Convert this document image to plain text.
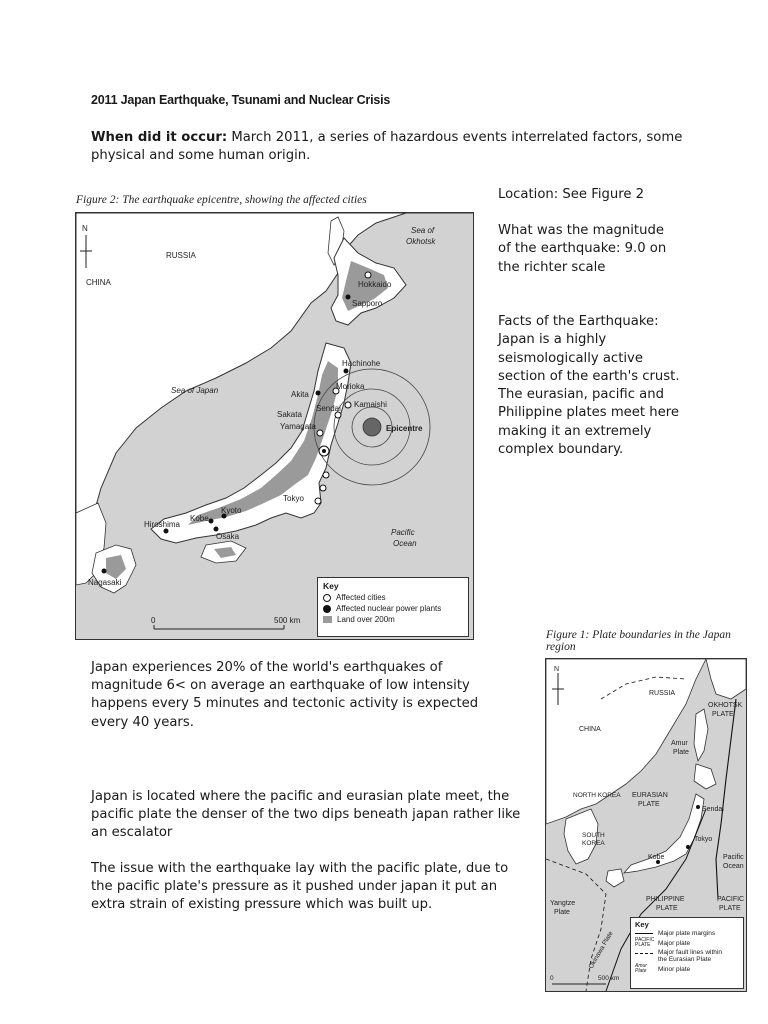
2011 Japan Earthquake, Tsunami and Nuclear Crisis
When did it occur: March 2011, a series of hazardous events interrelated factors, some physical and some human origin.
Figure 2: The earthquake epicentre, showing the affected cities
N
RUSSIA
CHINA
Sea of
Okhotsk
Hokkaido
Sapporo
Hachinohe
Sea of Japan	Akita
Morioka
Kamaishi
Sendai
Sakata
Yamagata	Epicentre
Tokyo
Kyoto
Kobe
Osaka
Hiroshima
Nagasaki
Pacific
Ocean
0	500 km
Key
Affected cities
Affected nuclear power plants
Land over 200m
Location: See Figure 2
What was the magnitude of the earthquake: 9.0 on the richter scale
Facts of the Earthquake:
Japan is a highly seismologically active section of the earth's crust.
The eurasian, pacific and Philippine plates meet here making it an extremely complex boundary.
Japan experiences 20% of the world's earthquakes of magnitude 6< on average an earthquake of low intensity happens every 5 minutes and tectonic activity is expected every 40 years.
Japan is located where the pacific and eurasian plate meet, the pacific plate the denser of the two dips beneath japan rather like an escalator
The issue with the earthquake lay with the pacific plate, due to the pacific plate's pressure as it pushed under japan it put an extra strain of existing pressure which was built up.
Figure 1: Plate boundaries in the Japan region
N
RUSSIA
CHINA
OKHOTSK
PLATE
Amur
Plate
NORTH KOREA EURASIAN
PLATE
Sendai
SOUTH
KOREA
Tokyo
Kobe	Pacific
Ocean
Yangtze
Plate
PHILIPPINE
PLATE
PACIFIC
PLATE
Okinawa Plate
0	500 km
Key
Major plate margins
PACIFIC
PLATE	Major plate
Major fault lines within
the Eurasian Plate
Amur
Plate	Minor plate
